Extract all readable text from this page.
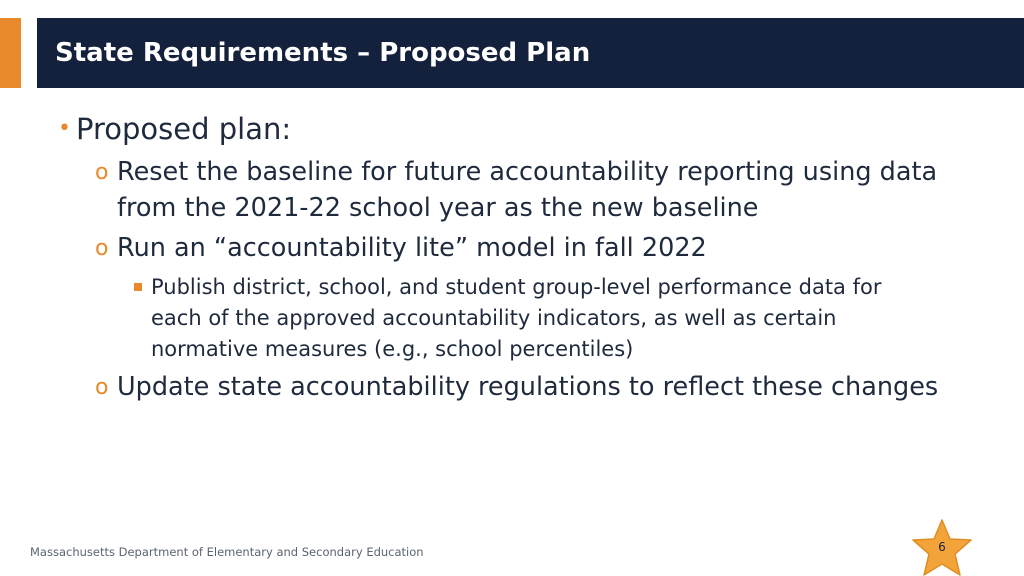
State Requirements – Proposed Plan
• Proposed plan:
o Reset the baseline for future accountability reporting using data
from the 2021-22 school year as the new baseline
o Run an “accountability lite” model in fall 2022
Publish district, school, and student group-level performance data for
each of the approved accountability indicators, as well as certain
normative measures (e.g., school percentiles)
o Update state accountability regulations to reflect these changes
Massachusetts Department of Elementary and Secondary Education	6
